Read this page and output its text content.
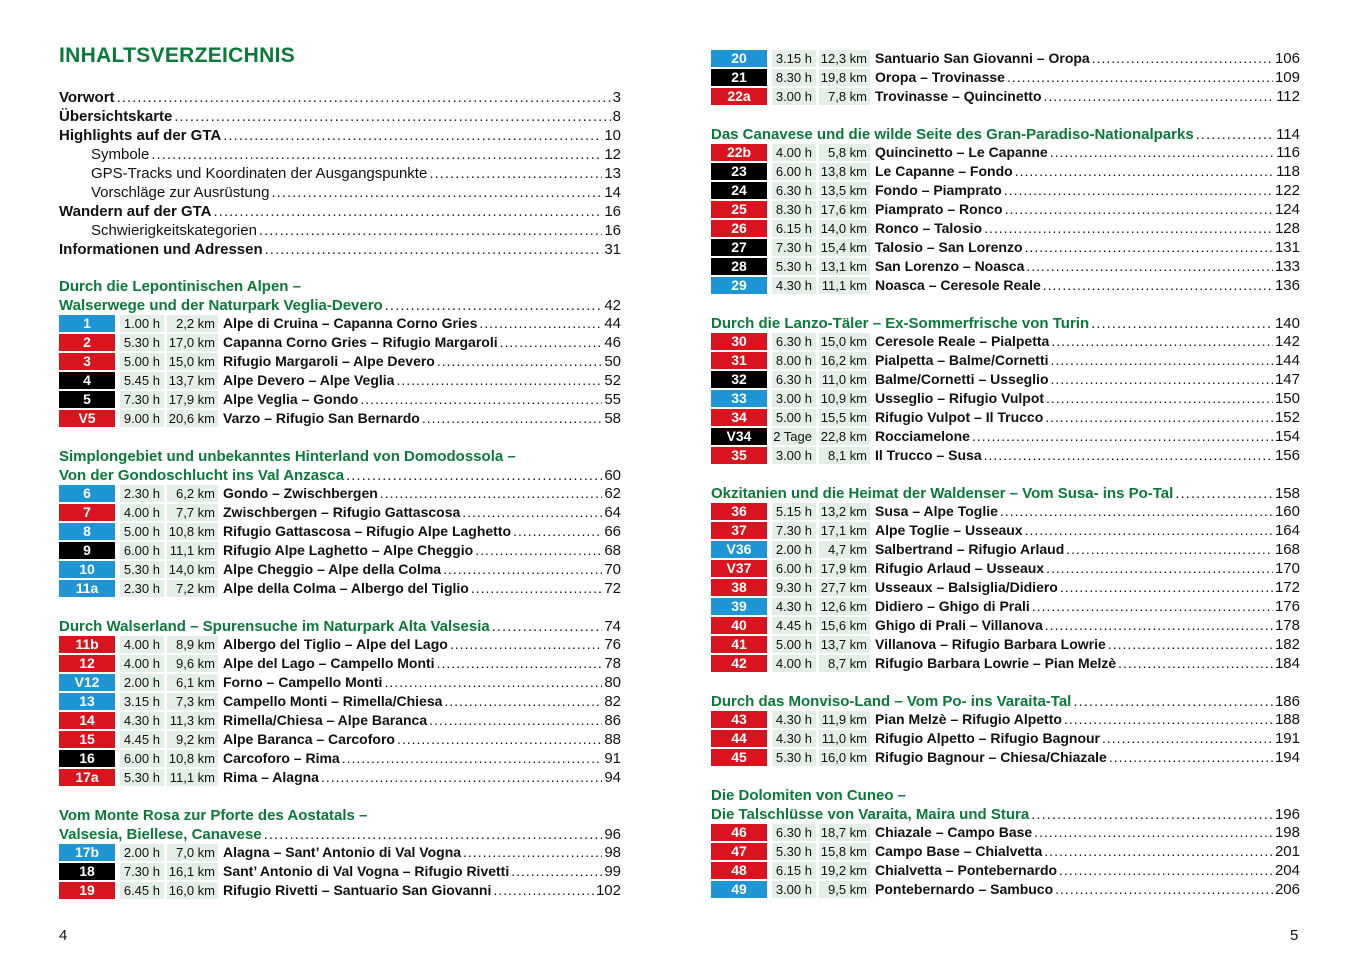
INHALTSVERZEICHNIS
Vorwort .....	3
Übersichtskarte .....	8
Highlights auf der GTA .....	10
Symbole .....	12
GPS-Tracks und Koordinaten der Ausgangspunkte .....	13
Vorschläge zur Ausrüstung .....	14
Wandern auf der GTA .....	16
Schwierigkeitskategorien .....	16
Informationen und Adressen .....	31
Durch die Lepontinischen Alpen –
Walserwege und der Naturpark Veglia-Devero .....	42
1	1.00 h	2,2 km Alpe di Cruina – Capanna Corno Gries .....	44
2	5.30 h 17,0 km Capanna Corno Gries – Rifugio Margaroli .....	46
3	5.00 h 15,0 km Rifugio Margaroli – Alpe Devero .....	50
4	5.45 h 13,7 km Alpe Devero – Alpe Veglia .....	52
5	7.30 h 17,9 km Alpe Veglia – Gondo .....	55
V5	9.00 h 20,6 km Varzo – Rifugio San Bernardo .....	58
Simplongebiet und unbekanntes Hinterland von Domodossola –
Von der Gondoschlucht ins Val Anzasca .....	60
6	2.30 h	6,2 km Gondo – Zwischbergen .....	62
7	4.00 h	7,7 km Zwischbergen – Rifugio Gattascosa .....	64
8	5.00 h 10,8 km Rifugio Gattascosa – Rifugio Alpe Laghetto .....	66
9	6.00 h 11,1 km Rifugio Alpe Laghetto – Alpe Cheggio .....	68
10	5.30 h 14,0 km Alpe Cheggio – Alpe della Colma .....	70
11a	2.30 h	7,2 km Alpe della Colma – Albergo del Tiglio .....	72
Durch Walserland – Spurensuche im Naturpark Alta Valsesia .....	74
11b	4.00 h	8,9 km Albergo del Tiglio – Alpe del Lago .....	76
12	4.00 h	9,6 km Alpe del Lago – Campello Monti .....	78
V12	2.00 h	6,1 km Forno – Campello Monti .....	80
13	3.15 h	7,3 km Campello Monti – Rimella/Chiesa .....	82
14	4.30 h 11,3 km Rimella/Chiesa – Alpe Baranca .....	86
15	4.45 h	9,2 km Alpe Baranca – Carcoforo .....	88
16	6.00 h 10,8 km Carcoforo – Rima .....	91
17a	5.30 h 11,1 km Rima – Alagna .....	94
Vom Monte Rosa zur Pforte des Aostatals –
Valsesia, Biellese, Canavese .....	96
17b	2.00 h	7,0 km Alagna – Sant’ Antonio di Val Vogna .....	98
18	7.30 h 16,1 km Sant’ Antonio di Val Vogna – Rifugio Rivetti .....	99
19	6.45 h 16,0 km Rifugio Rivetti – Santuario San Giovanni .....	102
20	3.15 h 12,3 km Santuario San Giovanni – Oropa .....	106
21	8.30 h 19,8 km Oropa – Trovinasse .....	109
22a	3.00 h	7,8 km Trovinasse – Quincinetto .....	112
Das Canavese und die wilde Seite des Gran-Paradiso-Nationalparks .....	114
22b	4.00 h	5,8 km Quincinetto – Le Capanne .....	116
23	6.00 h 13,8 km Le Capanne – Fondo .....	118
24	6.30 h 13,5 km Fondo – Piamprato .....	122
25	8.30 h 17,6 km Piamprato – Ronco .....	124
26	6.15 h 14,0 km Ronco – Talosio .....	128
27	7.30 h 15,4 km Talosio – San Lorenzo .....	131
28	5.30 h 13,1 km San Lorenzo – Noasca .....	133
29	4.30 h 11,1 km Noasca – Ceresole Reale .....	136
Durch die Lanzo-Täler – Ex-Sommerfrische von Turin .....	140
30	6.30 h 15,0 km Ceresole Reale – Pialpetta .....	142
31	8.00 h 16,2 km Pialpetta – Balme/Cornetti .....	144
32	6.30 h 11,0 km Balme/Cornetti – Usseglio .....	147
33	3.00 h 10,9 km Usseglio – Rifugio Vulpot .....	150
34	5.00 h 15,5 km Rifugio Vulpot – Il Trucco .....	152
V34	2 Tage 22,8 km Rocciamelone .....	154
35	3.00 h	8,1 km Il Trucco – Susa .....	156
Okzitanien und die Heimat der Waldenser – Vom Susa- ins Po-Tal .....	158
36	5.15 h 13,2 km Susa – Alpe Toglie .....	160
37	7.30 h 17,1 km Alpe Toglie – Usseaux .....	164
V36	2.00 h	4,7 km Salbertrand – Rifugio Arlaud .....	168
V37	6.00 h 17,9 km Rifugio Arlaud – Usseaux .....	170
38	9.30 h 27,7 km Usseaux – Balsiglia/Didiero .....	172
39	4.30 h 12,6 km Didiero – Ghigo di Prali .....	176
40	4.45 h 15,6 km Ghigo di Prali – Villanova .....	178
41	5.00 h 13,7 km Villanova – Rifugio Barbara Lowrie .....	182
42	4.00 h	8,7 km Rifugio Barbara Lowrie – Pian Melzè .....	184
Durch das Monviso-Land – Vom Po- ins Varaita-Tal .....	186
43	4.30 h 11,9 km Pian Melzè – Rifugio Alpetto .....	188
44	4.30 h 11,0 km Rifugio Alpetto – Rifugio Bagnour .....	191
45	5.30 h 16,0 km Rifugio Bagnour – Chiesa/Chiazale .....	194
Die Dolomiten von Cuneo –
Die Talschlüsse von Varaita, Maira und Stura .....	196
46	6.30 h 18,7 km Chiazale – Campo Base .....	198
47	5.30 h 15,8 km Campo Base – Chialvetta .....	201
48	6.15 h 19,2 km Chialvetta – Pontebernardo .....	204
49	3.00 h	9,5 km Pontebernardo – Sambuco .....	206
4	5
